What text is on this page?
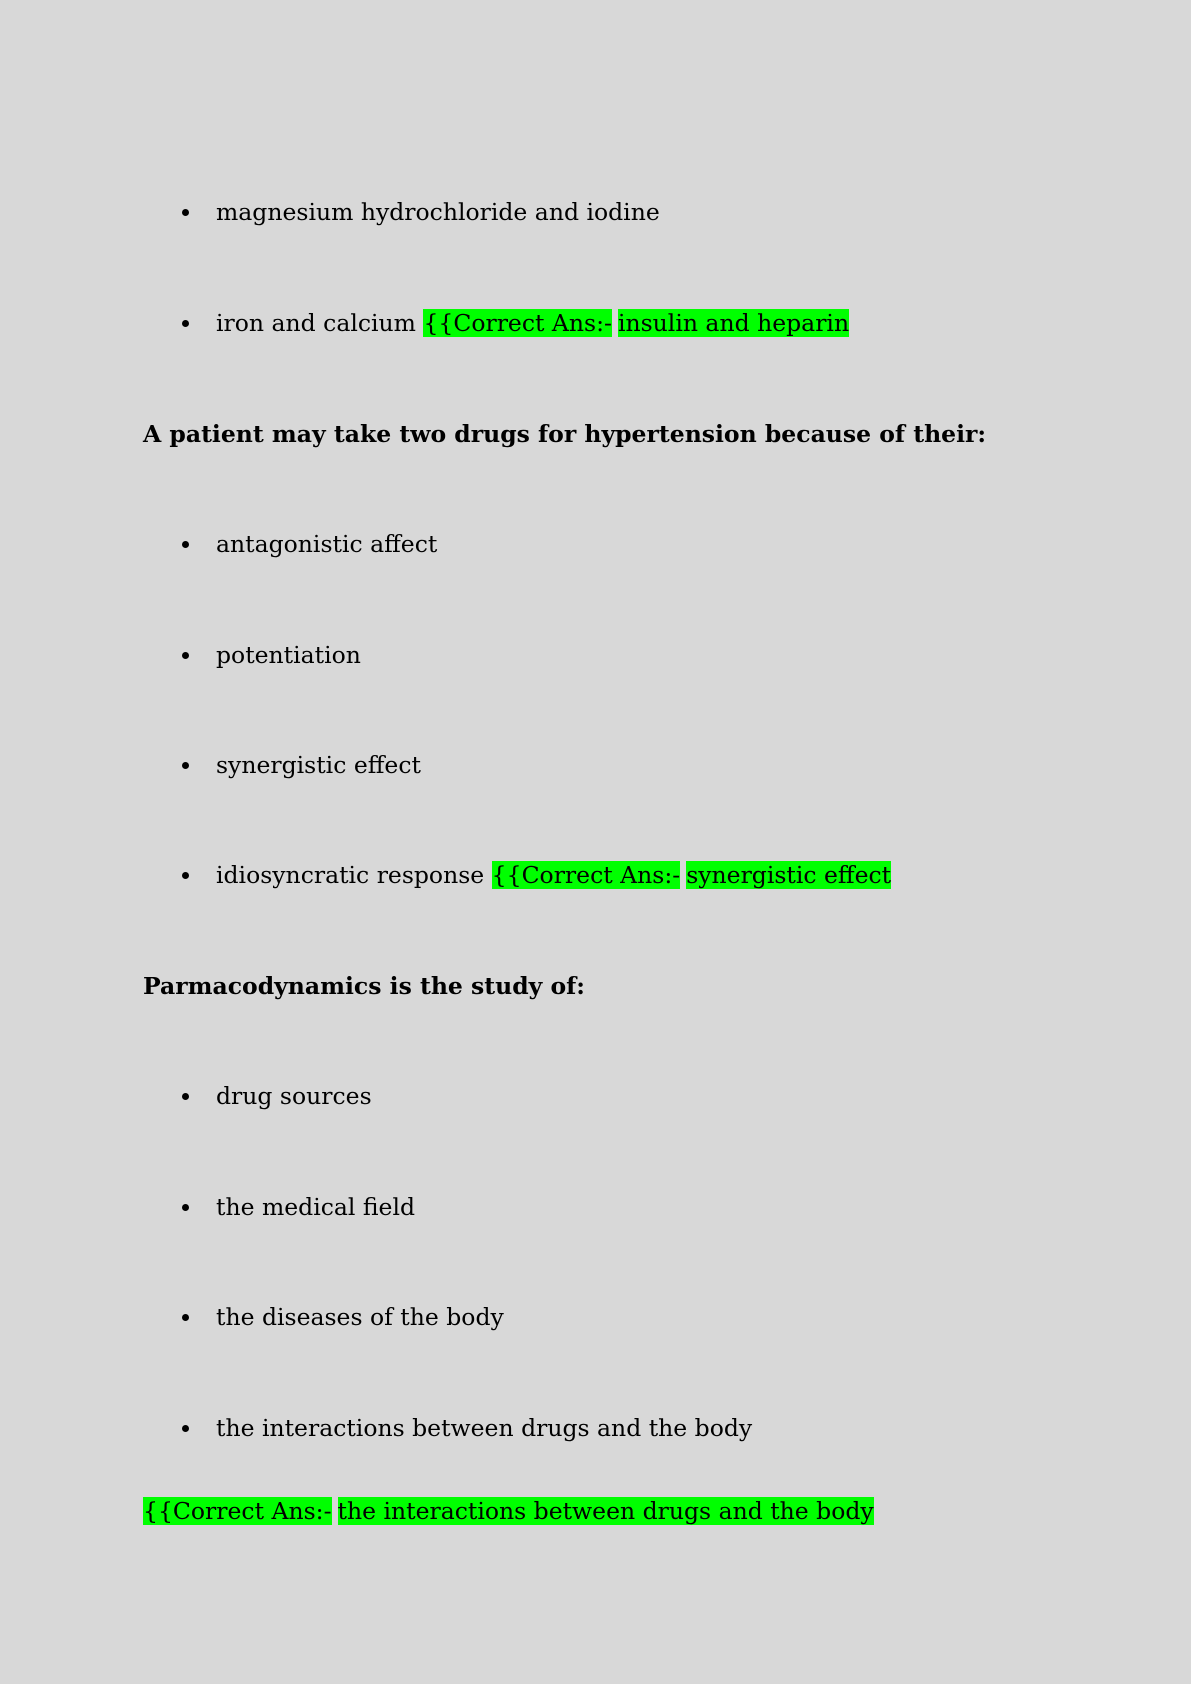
magnesium hydrochloride and iodine
iron and calcium {{Correct Ans:- insulin and heparin
A patient may take two drugs for hypertension because of their:
antagonistic affect
potentiation
synergistic effect
idiosyncratic response {{Correct Ans:- synergistic effect
Parmacodynamics is the study of:
drug sources
the medical field
the diseases of the body
the interactions between drugs and the body
{{Correct Ans:- the interactions between drugs and the body
